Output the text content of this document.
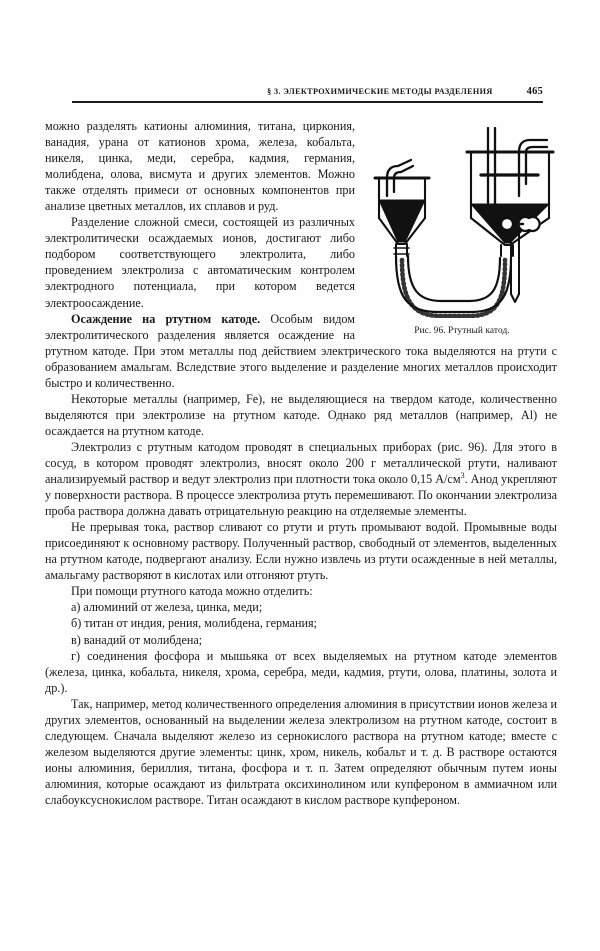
§ 3. ЭЛЕКТРОХИМИЧЕСКИЕ МЕТОДЫ РАЗДЕЛЕНИЯ	465
Рис. 96. Ртутный катод.

можно разделять катионы алюминия, титана, циркония, ванадия, урана от катионов хрома, железа, кобальта, никеля, цинка, меди, серебра, кадмия, германия, молибдена, олова, висмута и других элементов. Можно также отделять примеси от основных компонентов при анализе цветных металлов, их сплавов и руд.

Разделение сложной смеси, состоящей из различных электролитически осаждаемых ионов, достигают либо подбором соответствующего электролита, либо проведением электролиза с автоматическим контролем электродного потенциала, при котором ведется электроосаждение.

Осаждение на ртутном катоде. Особым видом электролитического разделения является осаждение на ртутном катоде. При этом металлы под действием электрического тока выделяются на ртути с образованием амальгам. Вследствие этого выделение и разделение многих металлов происходит быстро и количественно.

Некоторые металлы (например, Fe), не выделяющиеся на твердом катоде, количественно выделяются при электролизе на ртутном катоде. Однако ряд металлов (например, Al) не осаждается на ртутном катоде.

Электролиз с ртутным катодом проводят в специальных приборах (рис. 96). Для этого в сосуд, в котором проводят электролиз, вносят около 200 г металлической ртути, наливают анализируемый раствор и ведут электролиз при плотности тока около 0,15 $А/см^3$. Анод укрепляют у поверхности раствора. В процессе электролиза ртуть перемешивают. По окончании электролиза проба раствора должна давать отрицательную реакцию на отделяемые элементы.

Не прерывая тока, раствор сливают со ртути и ртуть промывают водой. Промывные воды присоединяют к основному раствору. Полученный раствор, свободный от элементов, выделенных на ртутном катоде, подвергают анализу. Если нужно извлечь из ртути осажденные в ней металлы, амальгаму растворяют в кислотах или отгоняют ртуть.

При помощи ртутного катода можно отделить:

а) алюминий от железа, цинка, меди;

б) титан от индия, рения, молибдена, германия;

в) ванадий от молибдена;

г) соединения фосфора и мышьяка от всех выделяемых на ртутном катоде элементов (железа, цинка, кобальта, никеля, хрома, серебра, меди, кадмия, ртути, олова, платины, золота и др.).

Так, например, метод количественного определения алюминия в присутствии ионов железа и других элементов, основанный на выделении железа электролизом на ртутном катоде, состоит в следующем. Сначала выделяют железо из сернокислого раствора на ртутном катоде; вместе с железом выделяются другие элементы: цинк, хром, никель, кобальт и т. д. В растворе остаются ионы алюминия, бериллия, титана, фосфора и т. п. Затем определяют обычным путем ионы алюминия, которые осаждают из фильтрата оксихинолином или купфероном в аммиачном или слабоуксуснокислом растворе. Титан осаждают в кислом растворе купфероном.
